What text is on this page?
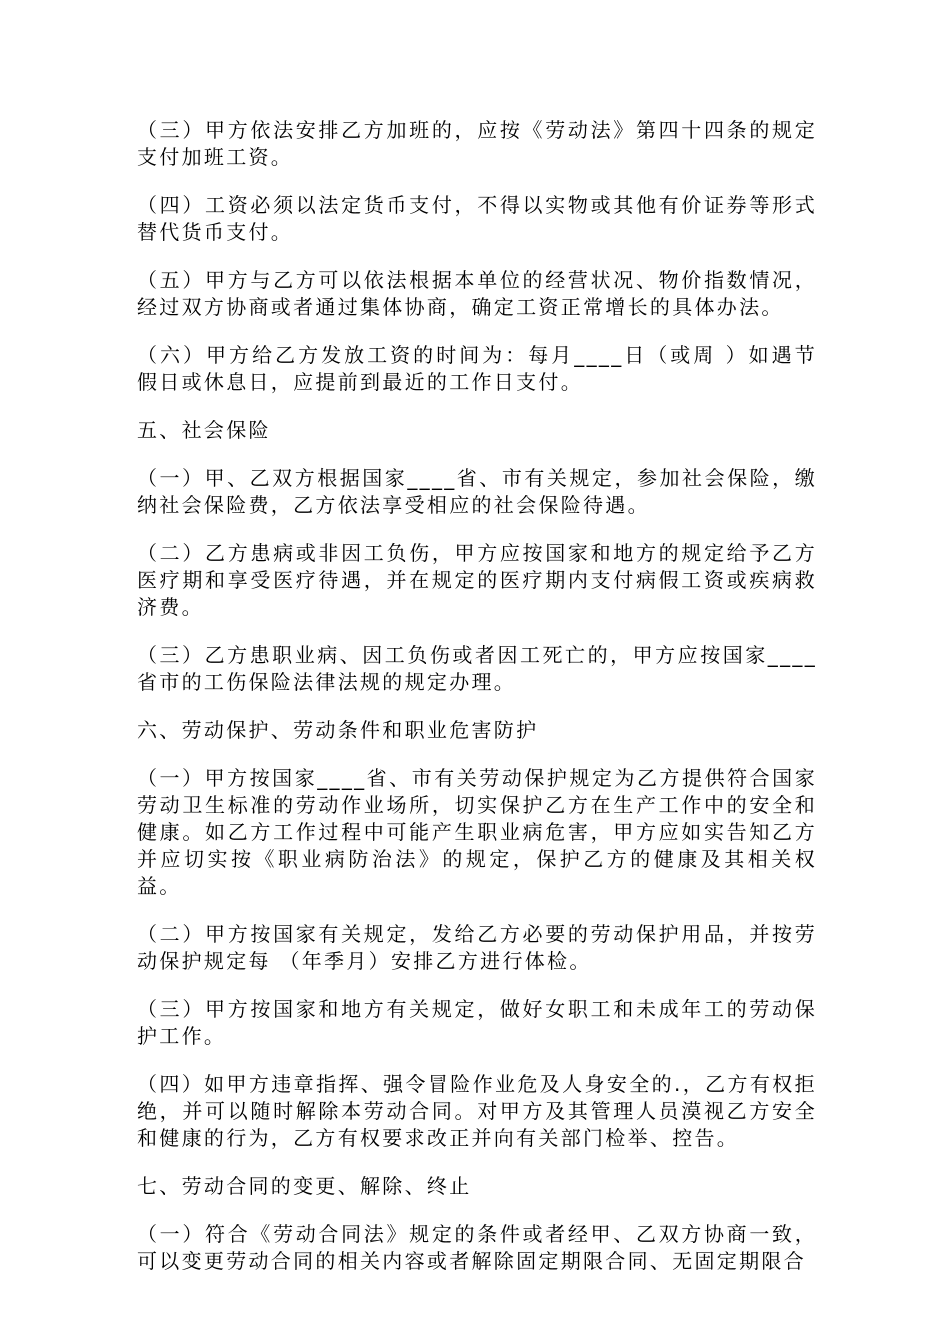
（三）甲方依法安排乙方加班的，应按《劳动法》第四十四条的规定支付加班工资。

（四）工资必须以法定货币支付，不得以实物或其他有价证券等形式替代货币支付。

（五）甲方与乙方可以依法根据本单位的经营状况、物价指数情况，经过双方协商或者通过集体协商，确定工资正常增长的具体办法。

（六）甲方给乙方发放工资的时间为：每月____日（或周 ）如遇节假日或休息日，应提前到最近的工作日支付。

五、社会保险

（一）甲、乙双方根据国家____省、市有关规定，参加社会保险，缴纳社会保险费，乙方依法享受相应的社会保险待遇。

（二）乙方患病或非因工负伤，甲方应按国家和地方的规定给予乙方医疗期和享受医疗待遇，并在规定的医疗期内支付病假工资或疾病救济费。

（三）乙方患职业病、因工负伤或者因工死亡的，甲方应按国家____省市的工伤保险法律法规的规定办理。

六、劳动保护、劳动条件和职业危害防护

（一）甲方按国家____省、市有关劳动保护规定为乙方提供符合国家劳动卫生标准的劳动作业场所，切实保护乙方在生产工作中的安全和健康。如乙方工作过程中可能产生职业病危害，甲方应如实告知乙方并应切实按《职业病防治法》的规定，保护乙方的健康及其相关权益。

（二）甲方按国家有关规定，发给乙方必要的劳动保护用品，并按劳动保护规定每 （年季月）安排乙方进行体检。

（三）甲方按国家和地方有关规定，做好女职工和未成年工的劳动保护工作。

（四）如甲方违章指挥、强令冒险作业危及人身安全的.，乙方有权拒绝，并可以随时解除本劳动合同。对甲方及其管理人员漠视乙方安全和健康的行为，乙方有权要求改正并向有关部门检举、控告。

七、劳动合同的变更、解除、终止

（一）符合《劳动合同法》规定的条件或者经甲、乙双方协商一致，可以变更劳动合同的相关内容或者解除固定期限合同、无固定期限合
